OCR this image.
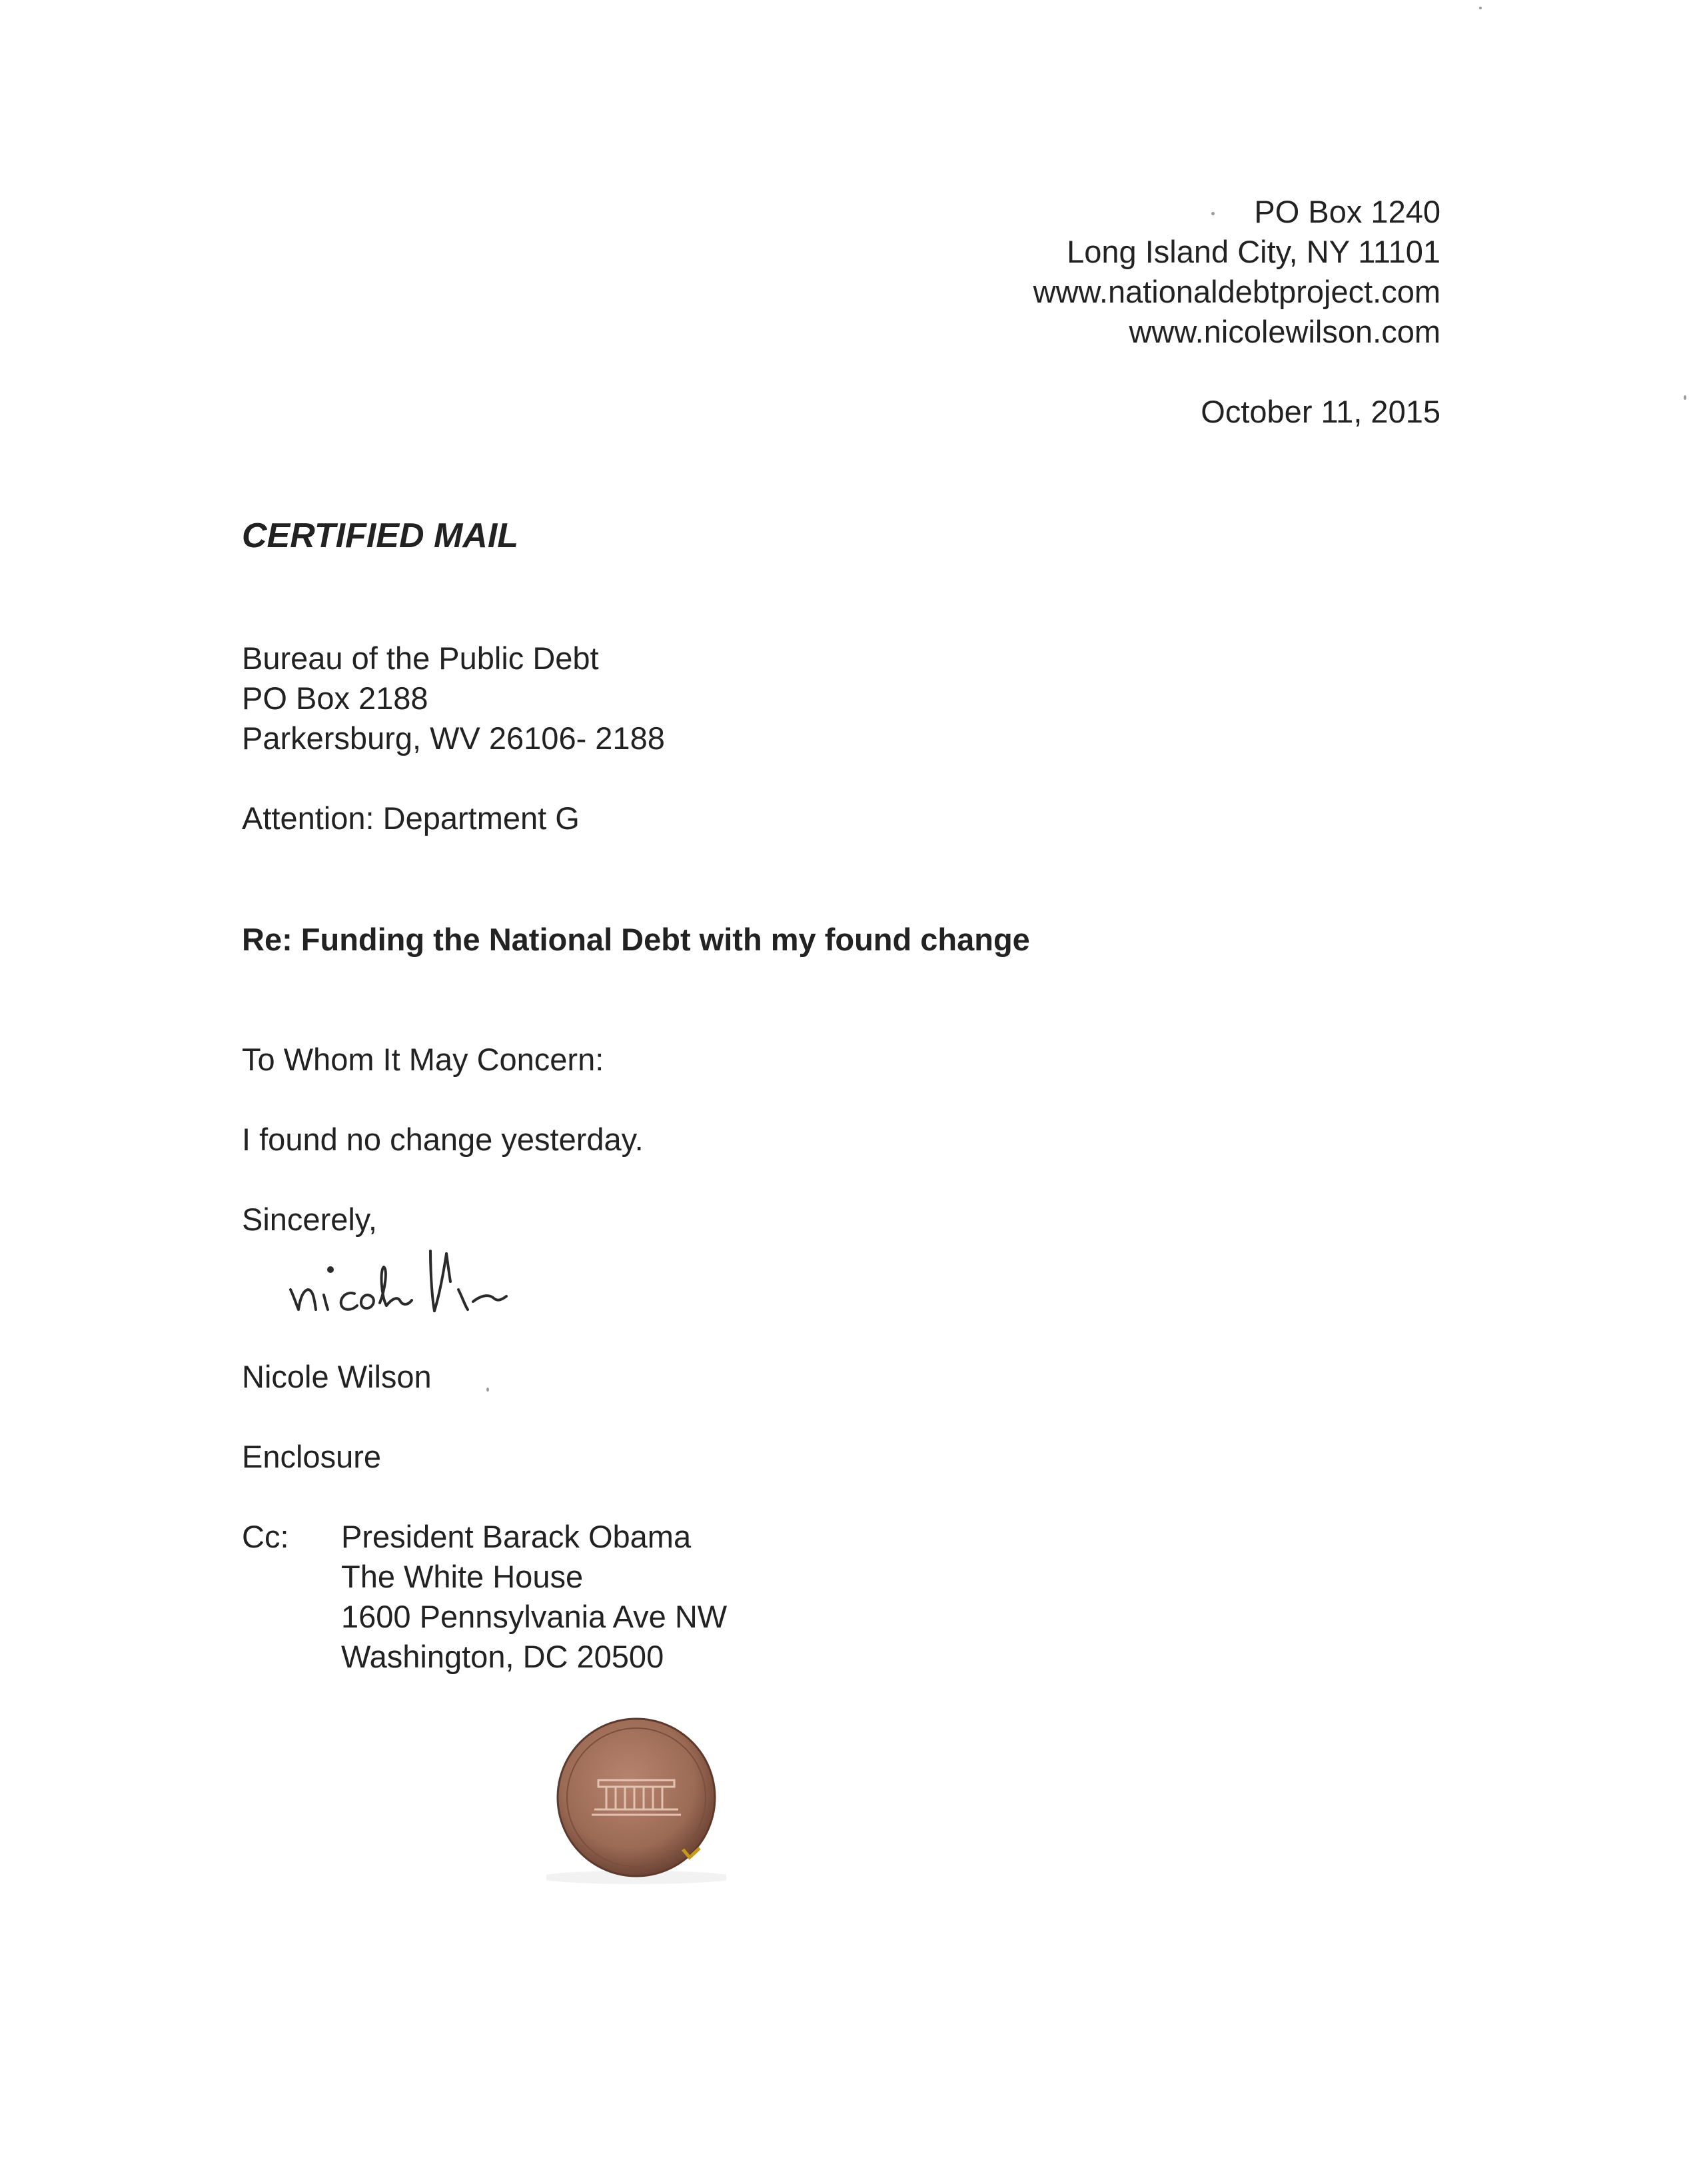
PO Box 1240
Long Island City, NY 11101
www.nationaldebtproject.com
www.nicolewilson.com
October 11, 2015
CERTIFIED MAIL
Bureau of the Public Debt
PO Box 2188
Parkersburg, WV 26106- 2188
Attention: Department G
Re: Funding the National Debt with my found change
To Whom It May Concern:
I found no change yesterday.
Sincerely,
Nicole Wilson
Enclosure
Cc: President Barack Obama
The White House
1600 Pennsylvania Ave NW
Washington, DC 20500
